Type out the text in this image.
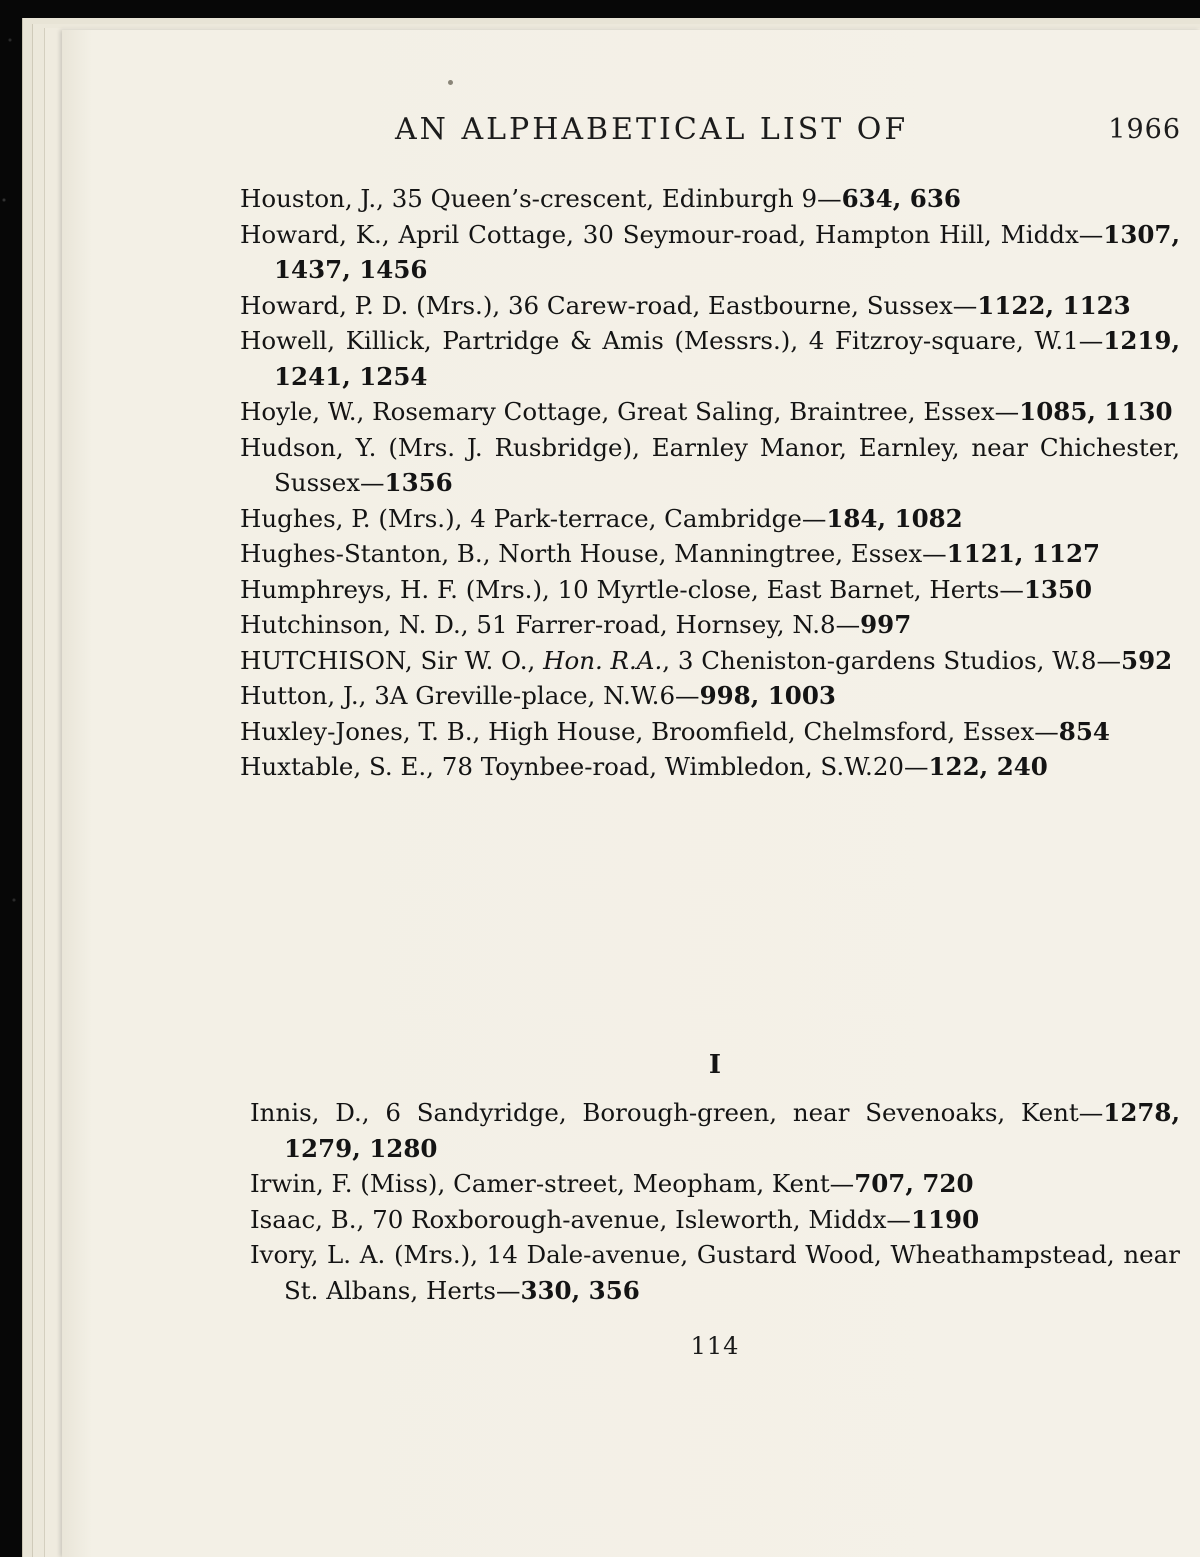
AN ALPHABETICAL LIST OF	1966

Houston, J., 35 Queen’s-crescent, Edinburgh 9—634, 636

Howard, K., April Cottage, 30 Seymour-road, Hampton Hill, Middx—1307, 1437, 1456

Howard, P. D. (Mrs.), 36 Carew-road, Eastbourne, Sussex—1122, 1123

Howell, Killick, Partridge & Amis (Messrs.), 4 Fitzroy-square, W.1—1219, 1241, 1254

Hoyle, W., Rosemary Cottage, Great Saling, Braintree, Essex—1085, 1130

Hudson, Y. (Mrs. J. Rusbridge), Earnley Manor, Earnley, near Chichester, Sussex—1356

Hughes, P. (Mrs.), 4 Park-terrace, Cambridge—184, 1082

Hughes-Stanton, B., North House, Manningtree, Essex—1121, 1127

Humphreys, H. F. (Mrs.), 10 Myrtle-close, East Barnet, Herts—1350

Hutchinson, N. D., 51 Farrer-road, Hornsey, N.8—997

HUTCHISON, Sir W. O., Hon. R.A., 3 Cheniston-gardens Studios, W.8—592

Hutton, J., 3A Greville-place, N.W.6—998, 1003

Huxley-Jones, T. B., High House, Broomfield, Chelmsford, Essex—854

Huxtable, S. E., 78 Toynbee-road, Wimbledon, S.W.20—122, 240

I

Innis, D., 6 Sandyridge, Borough-green, near Sevenoaks, Kent—1278, 1279, 1280

Irwin, F. (Miss), Camer-street, Meopham, Kent—707, 720

Isaac, B., 70 Roxborough-avenue, Isleworth, Middx—1190

Ivory, L. A. (Mrs.), 14 Dale-avenue, Gustard Wood, Wheathampstead, near St. Albans, Herts—330, 356

114
